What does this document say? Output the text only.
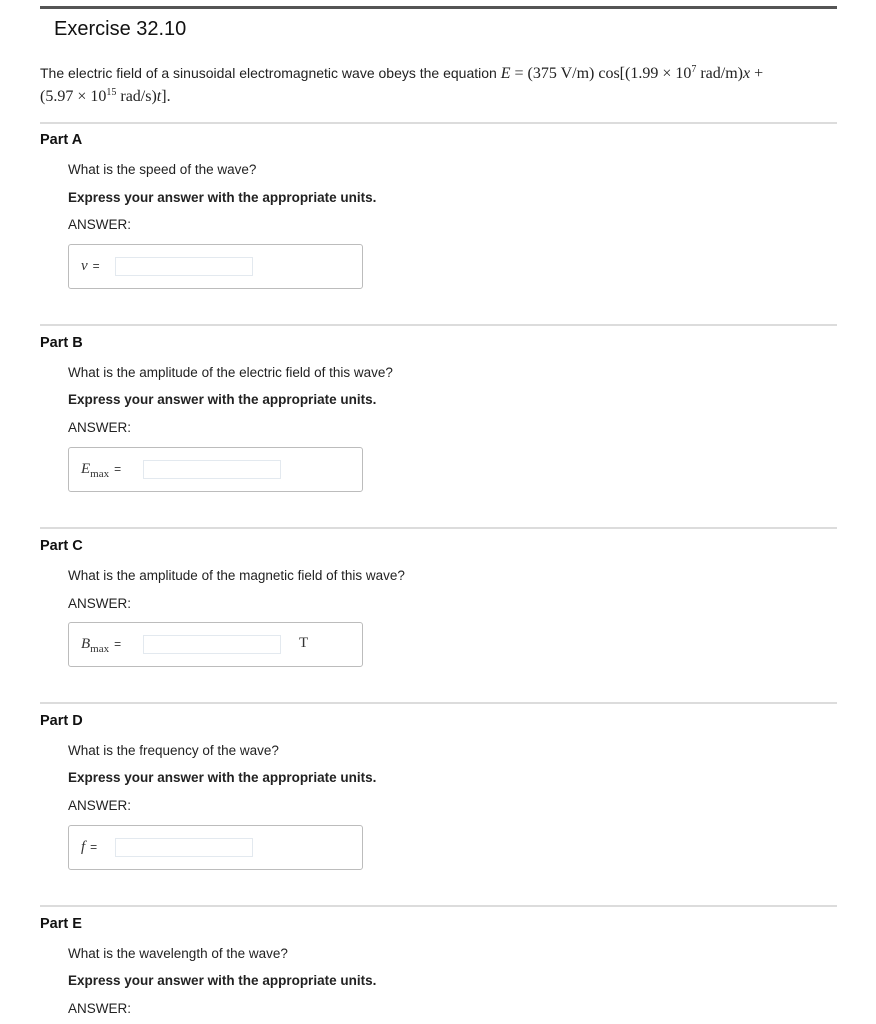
Exercise 32.10
The electric field of a sinusoidal electromagnetic wave obeys the equation E = (375 V/m) $\cos[(1.99 \times 10^7$ rad/m)x +
($5.97 \times 10^{15}$ rad/s)t].
Part A
What is the speed of the wave?
Express your answer with the appropriate units.
ANSWER:
v =
Part B
What is the amplitude of the electric field of this wave?
Express your answer with the appropriate units.
ANSWER:
$E_{max}$ =
Part C
What is the amplitude of the magnetic field of this wave?
ANSWER:
$B_{max}$ =	T
Part D
What is the frequency of the wave?
Express your answer with the appropriate units.
ANSWER:
f =
Part E
What is the wavelength of the wave?
Express your answer with the appropriate units.
ANSWER:
